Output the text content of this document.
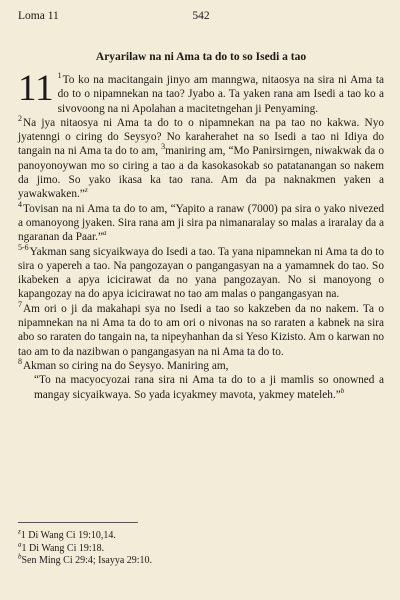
Loma 11	542
Aryarilaw na ni Ama ta do to so Isedi a tao

11 $^1$ To ko na macitangain jinyo am manngwa, nitaosya na sira ni Ama ta do to o nipamnekan na tao? Jyabo a. Ta yaken rana am Isedi a tao ko a sivovoong na ni Apolahan a macitetngehan ji Penyaming.

$^2$ Na jya nitaosya ni Ama ta do to o nipamnekan na pa tao no kakwa. Nyo jyatenngi o ciring do Seysyo? No karaherahet na so Isedi a tao ni Idiya do tangain na ni Ama ta do to am, $^3$maniring am, “Mo Panirsirngen, niwakwak da o panoyonoywan mo so ciring a tao a da kasokasokab so patatanangan so nakem da jimo. So yako ikasa ka tao rana. Am da pa naknakmen yaken a yawakwaken.”$^z$

$^4$ Tovisan na ni Ama ta do to am, “Yapito a ranaw (7000) pa sira o yako nivezed a omanoyong jyaken. Sira rana am ji sira pa nimanaralay so malas a iraralay da a ngaranan da Paar.”$^a$

$^{5-6}$ Yakman sang sicyaikwaya do Isedi a tao. Ta yana nipamnekan ni Ama ta do to sira o yapereh a tao. Na pangozayan o pangangasyan na a yamamnek do tao. So ikabeken a apya icicirawat da no yana pangozayan. No si manoyong o kapangozay na do apya icicirawat no tao am malas o pangangasyan na.

$^7$ Am ori o ji da makahapi sya no Isedi a tao so kakzeben da no nakem. Ta o nipamnekan na ni Ama ta do to am ori o nivonas na so raraten a kabnek na sira abo so raraten do tangain na, ta nipeyhanhan da si Yeso Kizisto. Am o karwan no tao am to da nazibwan o pangangasyan na ni Ama ta do to.

$^8$ Akman so ciring na do Seysyo. Maniring am,

“To na macyocyozai rana sira ni Ama ta do to a ji mamlis so onowned a mangay sicyaikwaya. So yada icyakmey mavota, yakmey mateleh.”$^b$

$^z$1 Di Wang Ci 19:10,14.
$^a$1 Di Wang Ci 19:18.
$^b$Sen Ming Ci 29:4; Isayya 29:10.
